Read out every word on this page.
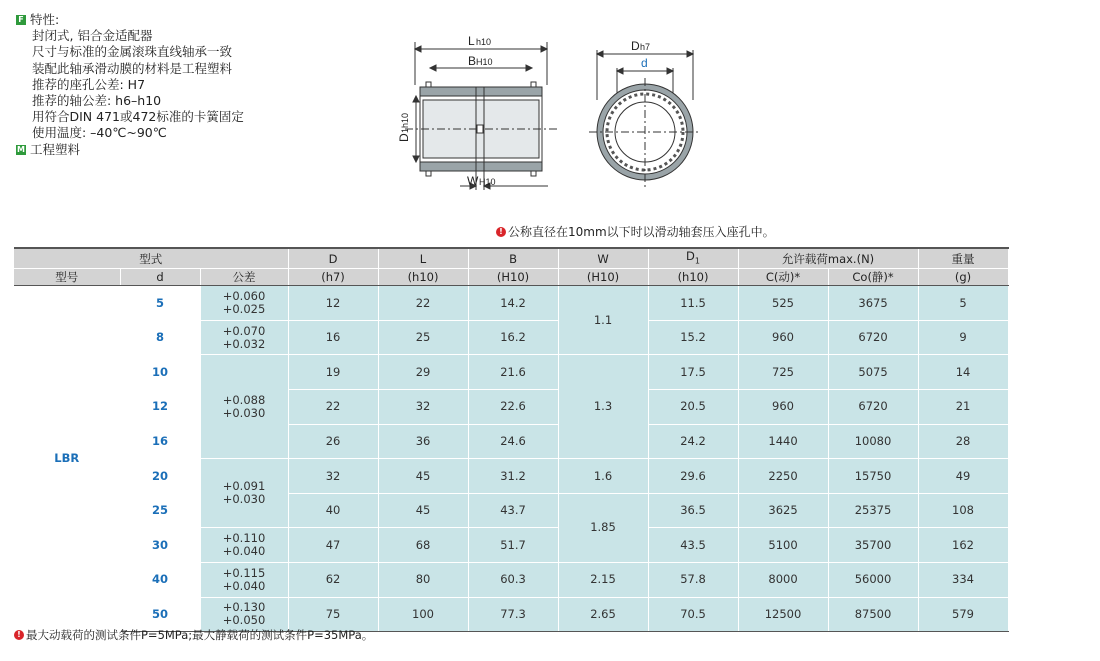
F 特性:
封闭式, 铝合金适配器
尺寸与标准的金属滚珠直线轴承一致
装配此轴承滑动膜的材料是工程塑料
推荐的座孔公差: H7
推荐的轴公差: h6–h10
用符合DIN 471或472标准的卡簧固定
使用温度: –40℃~90℃
M 工程塑料
L h10
B H10
W H10
D
1h10
D h7
d
! 公称直径在10mm以下时以滑动轴套压入座孔中。
型式			D	L	B	W	$D_1$	允许载荷max.(N)		重量
型号	d	公差	(h7)	(h10)	(H10)	(H10)	(h10)	C(动)*	Co(静)*	(g)
LBR	5	+0.060
+0.025	12	22	14.2	1.1	11.5	525	3675	5
	8	+0.070
+0.032	16	25	16.2		15.2	960	6720	9
	10	+0.088
+0.030	19	29	21.6	1.3	17.5	725	5075	14
	12		22	32	22.6		20.5	960	6720	21
	16		26	36	24.6		24.2	1440	10080	28
	20	+0.091
+0.030	32	45	31.2	1.6	29.6	2250	15750	49
	25		40	45	43.7	1.85	36.5	3625	25375	108
	30	+0.110
+0.040	47	68	51.7		43.5	5100	35700	162
	40	+0.115
+0.040	62	80	60.3	2.15	57.8	8000	56000	334
	50	+0.130
+0.050	75	100	77.3	2.65	70.5	12500	87500	579
! 最大动载荷的测试条件P=5MPa;最大静载荷的测试条件P=35MPa。
